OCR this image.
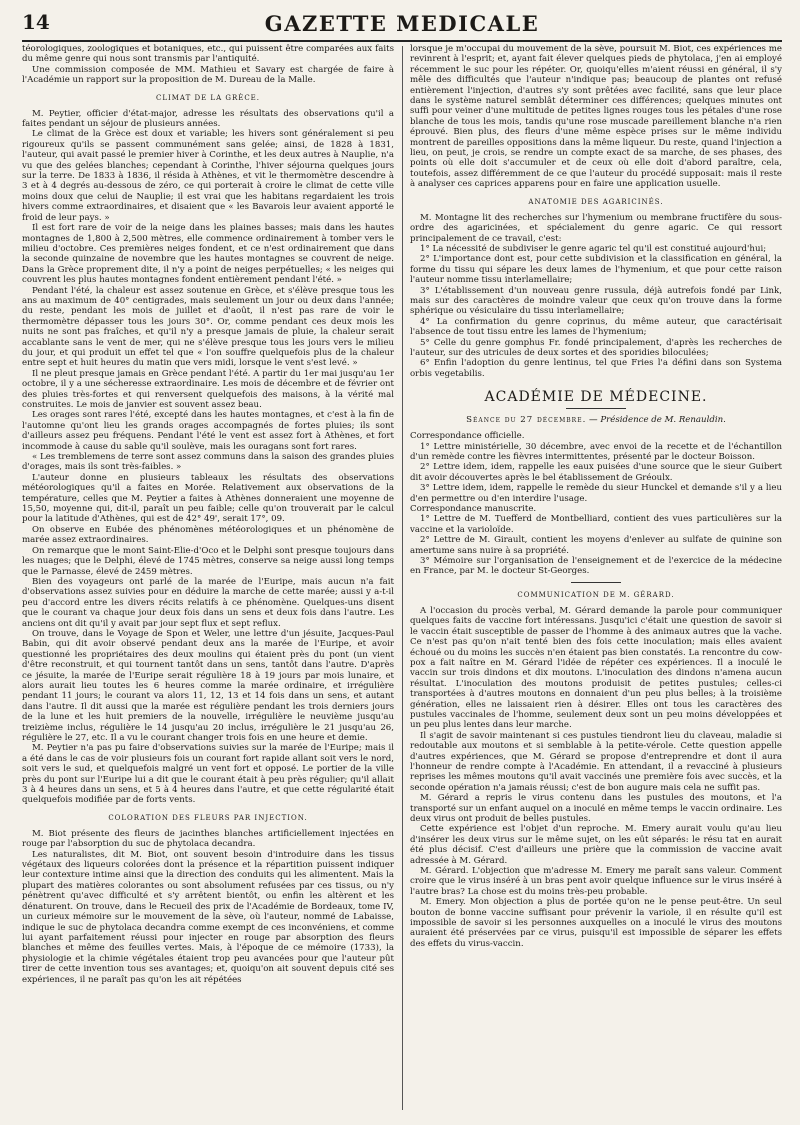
14	GAZETTE MEDICALE

téorologiques, zoologiques et botaniques, etc., qui puissent être comparées aux faits du même genre qui nous sont transmis par l'antiquité.

Une commission composée de MM. Mathieu et Savary est chargée de faire à l'Académie un rapport sur la proposition de M. Dureau de la Malle.

CLIMAT DE LA GRÈCE.

M. Peytier, officier d'état-major, adresse les résultats des observations qu'il a faites pendant un séjour de plusieurs années.

Le climat de la Grèce est doux et variable; les hivers sont généralement si peu rigoureux qu'ils se passent communément sans gelée; ainsi, de 1828 à 1831, l'auteur, qui avait passé le premier hiver à Corinthe, et les deux autres à Nauplie, n'a vu que des gelées blanches; cependant à Corinthe, l'hiver séjourna quelques jours sur la terre. De 1833 à 1836, il résida à Athènes, et vit le thermomètre descendre à 3 et à 4 degrés au-dessous de zéro, ce qui porterait à croire le climat de cette ville moins doux que celui de Nauplie; il est vrai que les habitans regardaient les trois hivers comme extraordinaires, et disaient que « les Bavarois leur avaient apporté le froid de leur pays. »

Il est fort rare de voir de la neige dans les plaines basses; mais dans les hautes montagnes de 1,800 à 2,500 mètres, elle commence ordinairement à tomber vers le milieu d'octobre. Ces premières neiges fondent, et ce n'est ordinairement que dans la seconde quinzaine de novembre que les hautes montagnes se couvrent de neige. Dans la Grèce proprement dite, il n'y a point de neiges perpétuelles; « les neiges qui couvrent les plus hautes montagnes fondent entièrement pendant l'été. »

Pendant l'été, la chaleur est assez soutenue en Grèce, et s'élève presque tous les ans au maximum de 40° centigrades, mais seulement un jour ou deux dans l'année; du reste, pendant les mois de juillet et d'août, il n'est pas rare de voir le thermomètre dépasser tous les jours 30°. Or, comme pendant ces deux mois les nuits ne sont pas fraîches, et qu'il n'y a presque jamais de pluie, la chaleur serait accablante sans le vent de mer, qui ne s'élève presque tous les jours vers le milieu du jour, et qui produit un effet tel que « l'on souffre quelquefois plus de la chaleur entre sept et huit heures du matin que vers midi, lorsque le vent s'est levé. »

Il ne pleut presque jamais en Grèce pendant l'été. A partir du 1er mai jusqu'au 1er octobre, il y a une sécheresse extraordinaire. Les mois de décembre et de février ont des pluies très-fortes et qui renversent quelquefois des maisons, à la vérité mal construites. Le mois de janvier est souvent assez beau.

Les orages sont rares l'été, excepté dans les hautes montagnes, et c'est à la fin de l'automne qu'ont lieu les grands orages accompagnés de fortes pluies; ils sont d'ailleurs assez peu fréquens. Pendant l'été le vent est assez fort à Athènes, et fort incommode à cause du sable qu'il soulève, mais les ouragans sont fort rares.

« Les tremblemens de terre sont assez communs dans la saison des grandes pluies d'orages, mais ils sont très-faibles. »

L'auteur donne en plusieurs tableaux les résultats des observations météorologiques qu'il a faites en Morée. Relativement aux observations de la température, celles que M. Peytier a faites à Athènes donneraient une moyenne de 15,50, moyenne qui, dit-il, paraît un peu faible; celle qu'on trouverait par le calcul pour la latitude d'Athènes, qui est de 42° 49', serait 17°, 09.

On observe en Eubée des phénomènes météorologiques et un phénomène de marée assez extraordinaires.

On remarque que le mont Saint-Elie-d'Oco et le Delphi sont presque toujours dans les nuages; que le Delphi, élevé de 1745 mètres, conserve sa neige aussi long temps que le Parnasse, élevé de 2459 mètres.

Bien des voyageurs ont parlé de la marée de l'Euripe, mais aucun n'a fait d'observations assez suivies pour en déduire la marche de cette marée; aussi y a-t-il peu d'accord entre les divers récits relatifs à ce phénomène. Quelques-uns disent que le courant va chaque jour deux fois dans un sens et deux fois dans l'autre. Les anciens ont dit qu'il y avait par jour sept flux et sept reflux.

On trouve, dans le Voyage de Spon et Weler, une lettre d'un jésuite, Jacques-Paul Babin, qui dit avoir observé pendant deux ans la marée de l'Euripe, et avoir questionné les propriétaires des deux moulins qui étaient près du pont (un vient d'être reconstruit, et qui tournent tantôt dans un sens, tantôt dans l'autre. D'après ce jésuite, la marée de l'Euripe serait régulière 18 à 19 jours par mois lunaire, et alors aurait lieu toutes les 6 heures comme la marée ordinaire, et irrégulière pendant 11 jours; le courant va alors 11, 12, 13 et 14 fois dans un sens, et autant dans l'autre. Il dit aussi que la marée est régulière pendant les trois derniers jours de la lune et les huit premiers de la nouvelle, irrégulière le neuvième jusqu'au treizième inclus, régulière le 14 jusqu'au 20 inclus, irrégulière le 21 jusqu'au 26, régulière le 27, etc. Il a vu le courant changer trois fois en une heure et demie.

M. Peytier n'a pas pu faire d'observations suivies sur la marée de l'Euripe; mais il a été dans le cas de voir plusieurs fois un courant fort rapide allant soit vers le nord, soit vers le sud, et quelquefois malgré un vent fort et opposé. Le portier de la ville près du pont sur l'Euripe lui a dit que le courant était à peu près régulier; qu'il allait 3 à 4 heures dans un sens, et 5 à 4 heures dans l'autre, et que cette régularité était quelquefois modifiée par de forts vents.

COLORATION DES FLEURS PAR INJECTION.

M. Biot présente des fleurs de jacinthes blanches artificiellement injectées en rouge par l'absorption du suc de phytolaca decandra.

Les naturalistes, dit M. Biot, ont souvent besoin d'introduire dans les tissus végétaux des liqueurs colorées dont la présence et la répartition puissent indiquer leur contexture intime ainsi que la direction des conduits qui les alimentent. Mais la plupart des matières colorantes ou sont absolument refusées par ces tissus, ou n'y pénètrent qu'avec difficulté et s'y arrêtent bientôt, ou enfin les altèrent et les dénaturent. On trouve, dans le Recueil des prix de l'Académie de Bordeaux, tome IV, un curieux mémoire sur le mouvement de la sève, où l'auteur, nommé de Labaisse, indique le suc de phytolaca decandra comme exempt de ces inconvéniens, et comme lui ayant parfaitement réussi pour injecter en rouge par absorption des fleurs blanches et même des feuilles vertes. Mais, à l'époque de ce mémoire (1733), la physiologie et la chimie végétales étaient trop peu avancées pour que l'auteur pût tirer de cette invention tous ses avantages; et, quoiqu'on ait souvent depuis cité ses expériences, il ne paraît pas qu'on les ait répétées

lorsque je m'occupai du mouvement de la sève, poursuit M. Biot, ces expériences me revinrent à l'esprit; et, ayant fait élever quelques pieds de phytolaca, j'en ai employé récemment le suc pour les répéter. Or, quoiqu'elles m'aient réussi en général, il s'y mêle des difficultés que l'auteur n'indique pas; beaucoup de plantes ont refusé entièrement l'injection, d'autres s'y sont prêtées avec facilité, sans que leur place dans le système naturel semblât déterminer ces différences; quelques minutes ont suffi pour veiner d'une multitude de petites lignes rouges tous les pétales d'une rose blanche de tous les mois, tandis qu'une rose muscade pareillement blanche n'a rien éprouvé. Bien plus, des fleurs d'une même espèce prises sur le même individu montrent de pareilles oppositions dans la même liqueur. Du reste, quand l'injection a lieu, on peut, je crois, se rendre un compte exact de sa marche, de ses phases, des points où elle doit s'accumuler et de ceux où elle doit d'abord paraître, cela, toutefois, assez différemment de ce que l'auteur du procédé supposait: mais il reste à analyser ces caprices apparens pour en faire une application usuelle.

ANATOMIE DES AGARICINÉS.

M. Montagne lit des recherches sur l'hymenium ou membrane fructifère du sous-ordre des agaricinées, et spécialement du genre agaric. Ce qui ressort principalement de ce travail, c'est:

1° La nécessité de subdiviser le genre agaric tel qu'il est constitué aujourd'hui;

2° L'importance dont est, pour cette subdivision et la classification en général, la forme du tissu qui sépare les deux lames de l'hymenium, et que pour cette raison l'auteur nomme tissu interlamellaire;

3° L'établissement d'un nouveau genre russula, déjà autrefois fondé par Link, mais sur des caractères de moindre valeur que ceux qu'on trouve dans la forme sphérique ou vésiculaire du tissu interlamellaire;

4° La confirmation du genre coprinus, du même auteur, que caractérisait l'absence de tout tissu entre les lames de l'hymenium;

5° Celle du genre gomphus Fr. fondé principalement, d'après les recherches de l'auteur, sur des utricules de deux sortes et des sporidies biloculées;

6° Enfin l'adoption du genre lentinus, tel que Fries l'a défini dans son Systema orbis vegetabilis.

ACADÉMIE DE MÉDECINE.
Séance du 27 décembre. — Présidence de M. Renauldin.

Correspondance officielle.

1° Lettre ministérielle, 30 décembre, avec envoi de la recette et de l'échantillon d'un remède contre les fièvres intermittentes, présenté par le docteur Boisson.

2° Lettre idem, idem, rappelle les eaux puisées d'une source que le sieur Guibert dit avoir découvertes après le bel établissement de Gréoulx.

3° Lettre idem, idem, rappelle le remède du sieur Hunckel et demande s'il y a lieu d'en permettre ou d'en interdire l'usage.

Correspondance manuscrite.

1° Lettre de M. Tuefferd de Montbelliard, contient des vues particulières sur la vaccine et la varioloïde.

2° Lettre de M. Girault, contient les moyens d'enlever au sulfate de quinine son amertume sans nuire à sa propriété.

3° Mémoire sur l'organisation de l'enseignement et de l'exercice de la médecine en France, par M. le docteur St-Georges.

COMMUNICATION DE M. GÉRARD.

A l'occasion du procès verbal, M. Gérard demande la parole pour communiquer quelques faits de vaccine fort intéressans. Jusqu'ici c'était une question de savoir si le vaccin était susceptible de passer de l'homme à des animaux autres que la vache. Ce n'est pas qu'on n'ait tenté bien des fois cette inoculation; mais elles avaient échoué ou du moins les succès n'en étaient pas bien constatés. La rencontre du cow-pox a fait naître en M. Gérard l'idée de répéter ces expériences. Il a inoculé le vaccin sur trois dindons et dix moutons. L'inoculation des dindons n'amena aucun résultat. L'inoculation des moutons produisit de petites pustules; celles-ci transportées à d'autres moutons en donnaient d'un peu plus belles; à la troisième génération, elles ne laissaient rien à désirer. Elles ont tous les caractères des pustules vaccinales de l'homme, seulement deux sont un peu moins développées et un peu plus lentes dans leur marche.

Il s'agit de savoir maintenant si ces pustules tiendront lieu du claveau, maladie si redoutable aux moutons et si semblable à la petite-vérole. Cette question appelle d'autres expériences, que M. Gérard se propose d'entreprendre et dont il aura l'honneur de rendre compte à l'Académie. En attendant, il a revacciné à plusieurs reprises les mêmes moutons qu'il avait vaccinés une première fois avec succès, et la seconde opération n'a jamais réussi; c'est de bon augure mais cela ne suffit pas.

M. Gérard a repris le virus contenu dans les pustules des moutons, et l'a transporté sur un enfant auquel on a inoculé en même temps le vaccin ordinaire. Les deux virus ont produit de belles pustules.

Cette expérience est l'objet d'un reproche. M. Emery aurait voulu qu'au lieu d'insérer les deux virus sur le même sujet, on les eût séparés: le résu tat en aurait été plus décisif. C'est d'ailleurs une prière que la commission de vaccine avait adressée à M. Gérard.

M. Gérard. L'objection que m'adresse M. Emery me paraît sans valeur. Comment croire que le virus inséré à un bras pent avoir quelque influence sur le virus inséré à l'autre bras? La chose est du moins très-peu probable.

M. Emery. Mon objection a plus de portée qu'on ne le pense peut-être. Un seul bouton de bonne vaccine suffisant pour prévenir la variole, il en résulte qu'il est impossible de savoir si les personnes auxquelles on a inoculé le virus des moutons auraient été préservées par ce virus, puisqu'il est impossible de séparer les effets des effets du virus-vaccin.
